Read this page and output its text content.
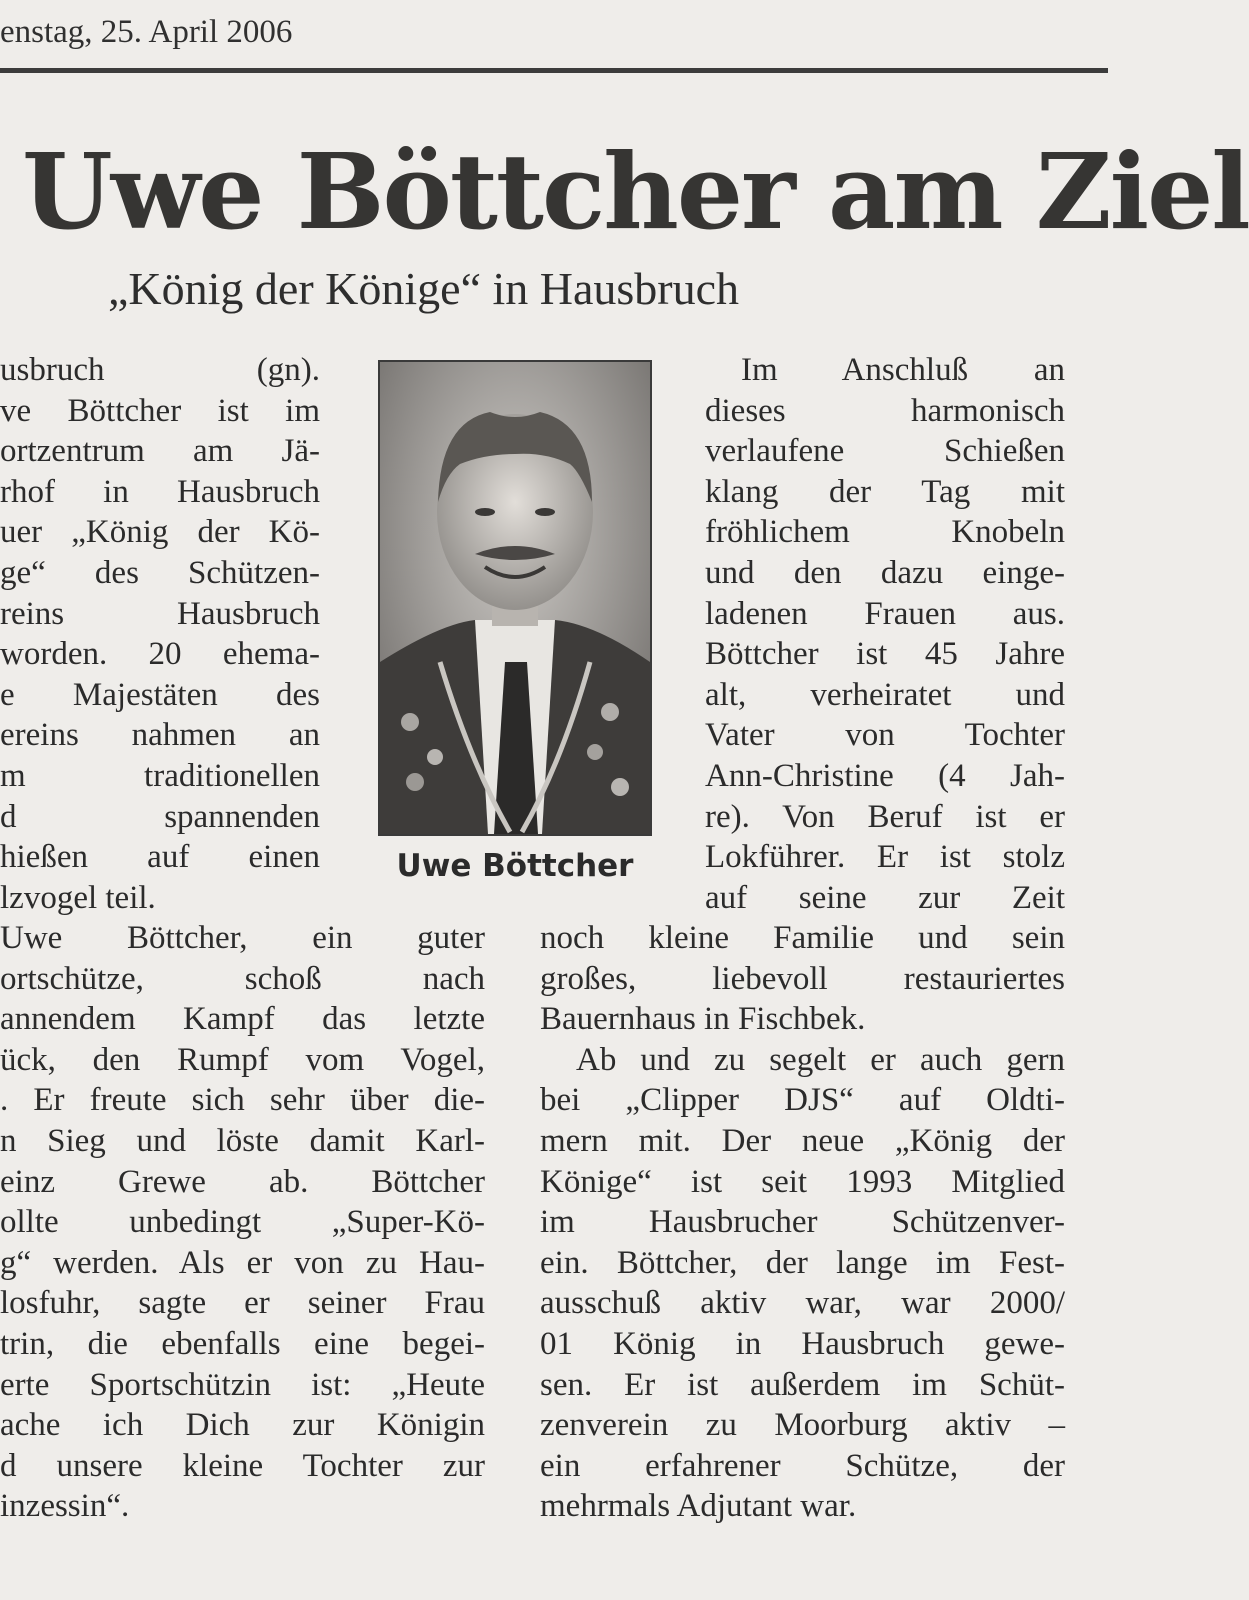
enstag, 25. April 2006
Uwe Böttcher am Ziel
„König der Könige“ in Hausbruch
usbruch (gn).
ve Böttcher ist im
ortzentrum am Jä-
rhof in Hausbruch
uer „König der Kö-
ge“ des Schützen-
reins Hausbruch
worden. 20 ehema-
e Majestäten des
ereins nahmen an
m traditionellen
d spannenden
hießen auf einen
lzvogel teil.
Uwe Böttcher
Im Anschluß an
dieses harmonisch
verlaufene Schießen
klang der Tag mit
fröhlichem Knobeln
und den dazu einge-
ladenen Frauen aus.
Böttcher ist 45 Jahre
alt, verheiratet und
Vater von Tochter
Ann-Christine (4 Jah-
re). Von Beruf ist er
Lokführer. Er ist stolz
auf seine zur Zeit
Uwe Böttcher, ein guter
ortschütze, schoß nach
annendem Kampf das letzte
ück, den Rumpf vom Vogel,
. Er freute sich sehr über die-
n Sieg und löste damit Karl-
einz Grewe ab. Böttcher
ollte unbedingt „Super-Kö-
g“ werden. Als er von zu Hau-
losfuhr, sagte er seiner Frau
trin, die ebenfalls eine begei-
erte Sportschützin ist: „Heute
ache ich Dich zur Königin
d unsere kleine Tochter zur
inzessin“.
noch kleine Familie und sein
großes, liebevoll restauriertes
Bauernhaus in Fischbek.
Ab und zu segelt er auch gern
bei „Clipper DJS“ auf Oldti-
mern mit. Der neue „König der
Könige“ ist seit 1993 Mitglied
im Hausbrucher Schützenver-
ein. Böttcher, der lange im Fest-
ausschuß aktiv war, war 2000/
01 König in Hausbruch gewe-
sen. Er ist außerdem im Schüt-
zenverein zu Moorburg aktiv –
ein erfahrener Schütze, der
mehrmals Adjutant war.
